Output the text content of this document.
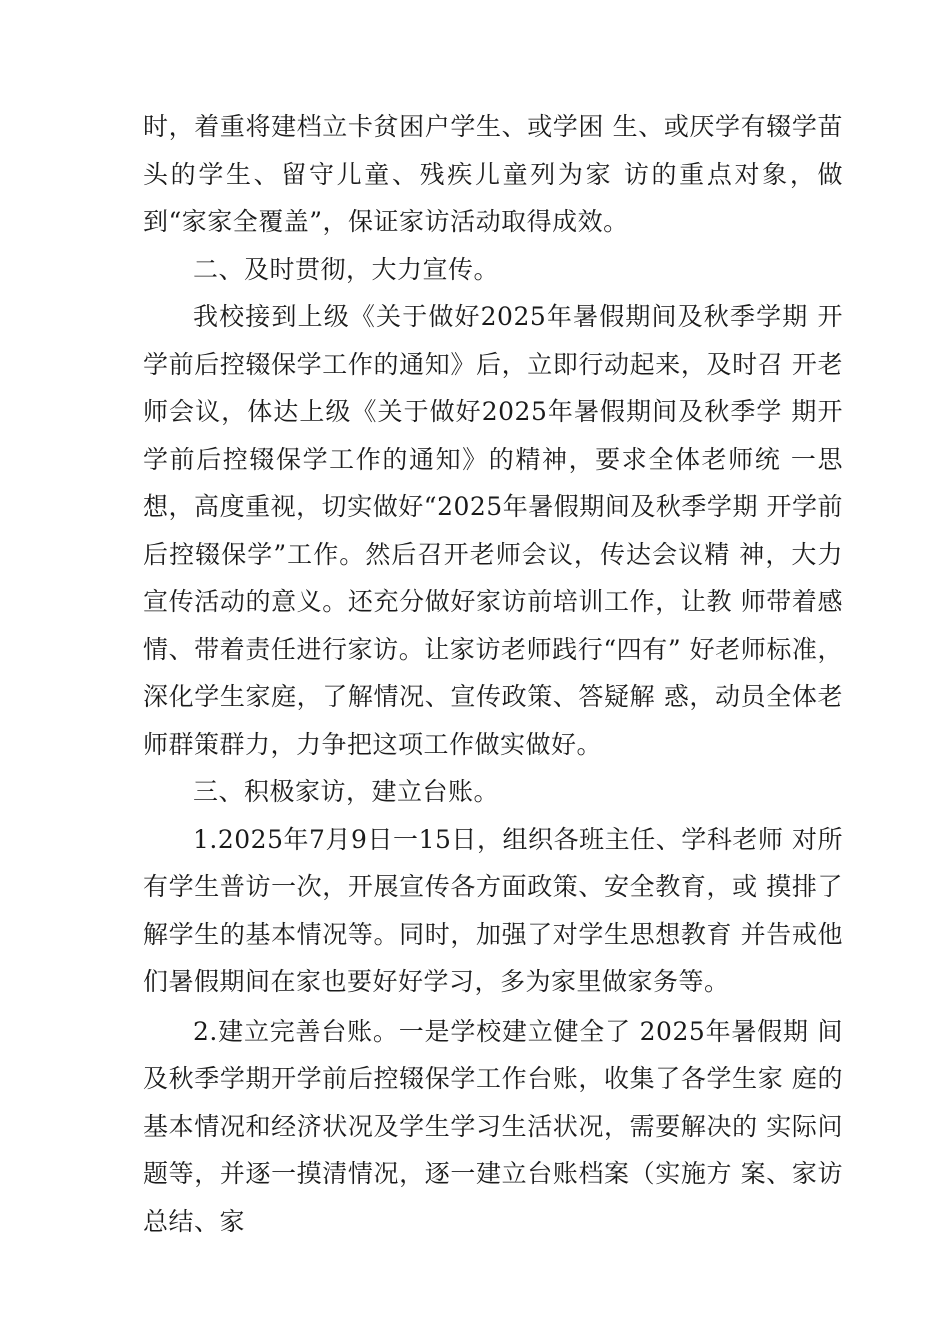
时，着重将建档立卡贫困户学生、或学困 生、或厌学有辍学苗头的学生、留守儿童、残疾儿童列为家 访的重点对象，做到“家家全覆盖”，保证家访活动取得成效。

二、及时贯彻，大力宣传。

我校接到上级《关于做好2025年暑假期间及秋季学期 开学前后控辍保学工作的通知》后，立即行动起来，及时召 开老师会议，体达上级《关于做好2025年暑假期间及秋季学 期开学前后控辍保学工作的通知》的精神，要求全体老师统 一思想，高度重视，切实做好“2025年暑假期间及秋季学期 开学前后控辍保学”工作。然后召开老师会议，传达会议精 神，大力宣传活动的意义。还充分做好家访前培训工作，让教 师带着感情、带着责任进行家访。让家访老师践行“四有” 好老师标准，深化学生家庭，了解情况、宣传政策、答疑解 惑，动员全体老师群策群力，力争把这项工作做实做好。

三、积极家访，建立台账。

1.2025年7月9日一15日，组织各班主任、学科老师 对所有学生普访一次，开展宣传各方面政策、安全教育，或 摸排了解学生的基本情况等。同时，加强了对学生思想教育 并告戒他们暑假期间在家也要好好学习，多为家里做家务等。

2.建立完善台账。一是学校建立健全了 2025年暑假期 间及秋季学期开学前后控辍保学工作台账，收集了各学生家 庭的基本情况和经济状况及学生学习生活状况，需要解决的 实际问题等，并逐一摸清情况，逐一建立台账档案（实施方 案、家访总结、家
